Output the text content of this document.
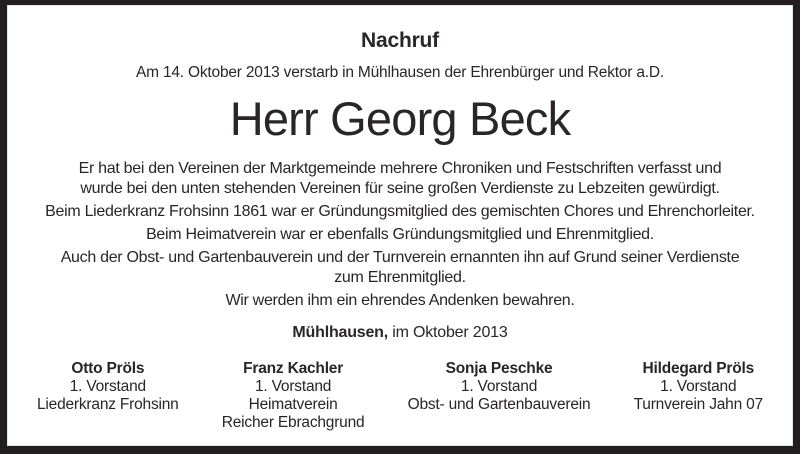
Nachruf
Am 14. Oktober 2013 verstarb in Mühlhausen der Ehrenbürger und Rektor a.D.
Herr Georg Beck

Er hat bei den Vereinen der Marktgemeinde mehrere Chroniken und Festschriften verfasst und
wurde bei den unten stehenden Vereinen für seine großen Verdienste zu Lebzeiten gewürdigt.

Beim Liederkranz Frohsinn 1861 war er Gründungsmitglied des gemischten Chores und Ehrenchorleiter.

Beim Heimatverein war er ebenfalls Gründungsmitglied und Ehrenmitglied.

Auch der Obst- und Gartenbauverein und der Turnverein ernannten ihn auf Grund seiner Verdienste
zum Ehrenmitglied.

Wir werden ihm ein ehrendes Andenken bewahren.

Mühlhausen, im Oktober 2013
Otto Pröls
1. Vorstand
Liederkranz Frohsinn
Franz Kachler
1. Vorstand
Heimatverein
Reicher Ebrachgrund
Sonja Peschke
1. Vorstand
Obst- und Gartenbauverein
Hildegard Pröls
1. Vorstand
Turnverein Jahn 07
